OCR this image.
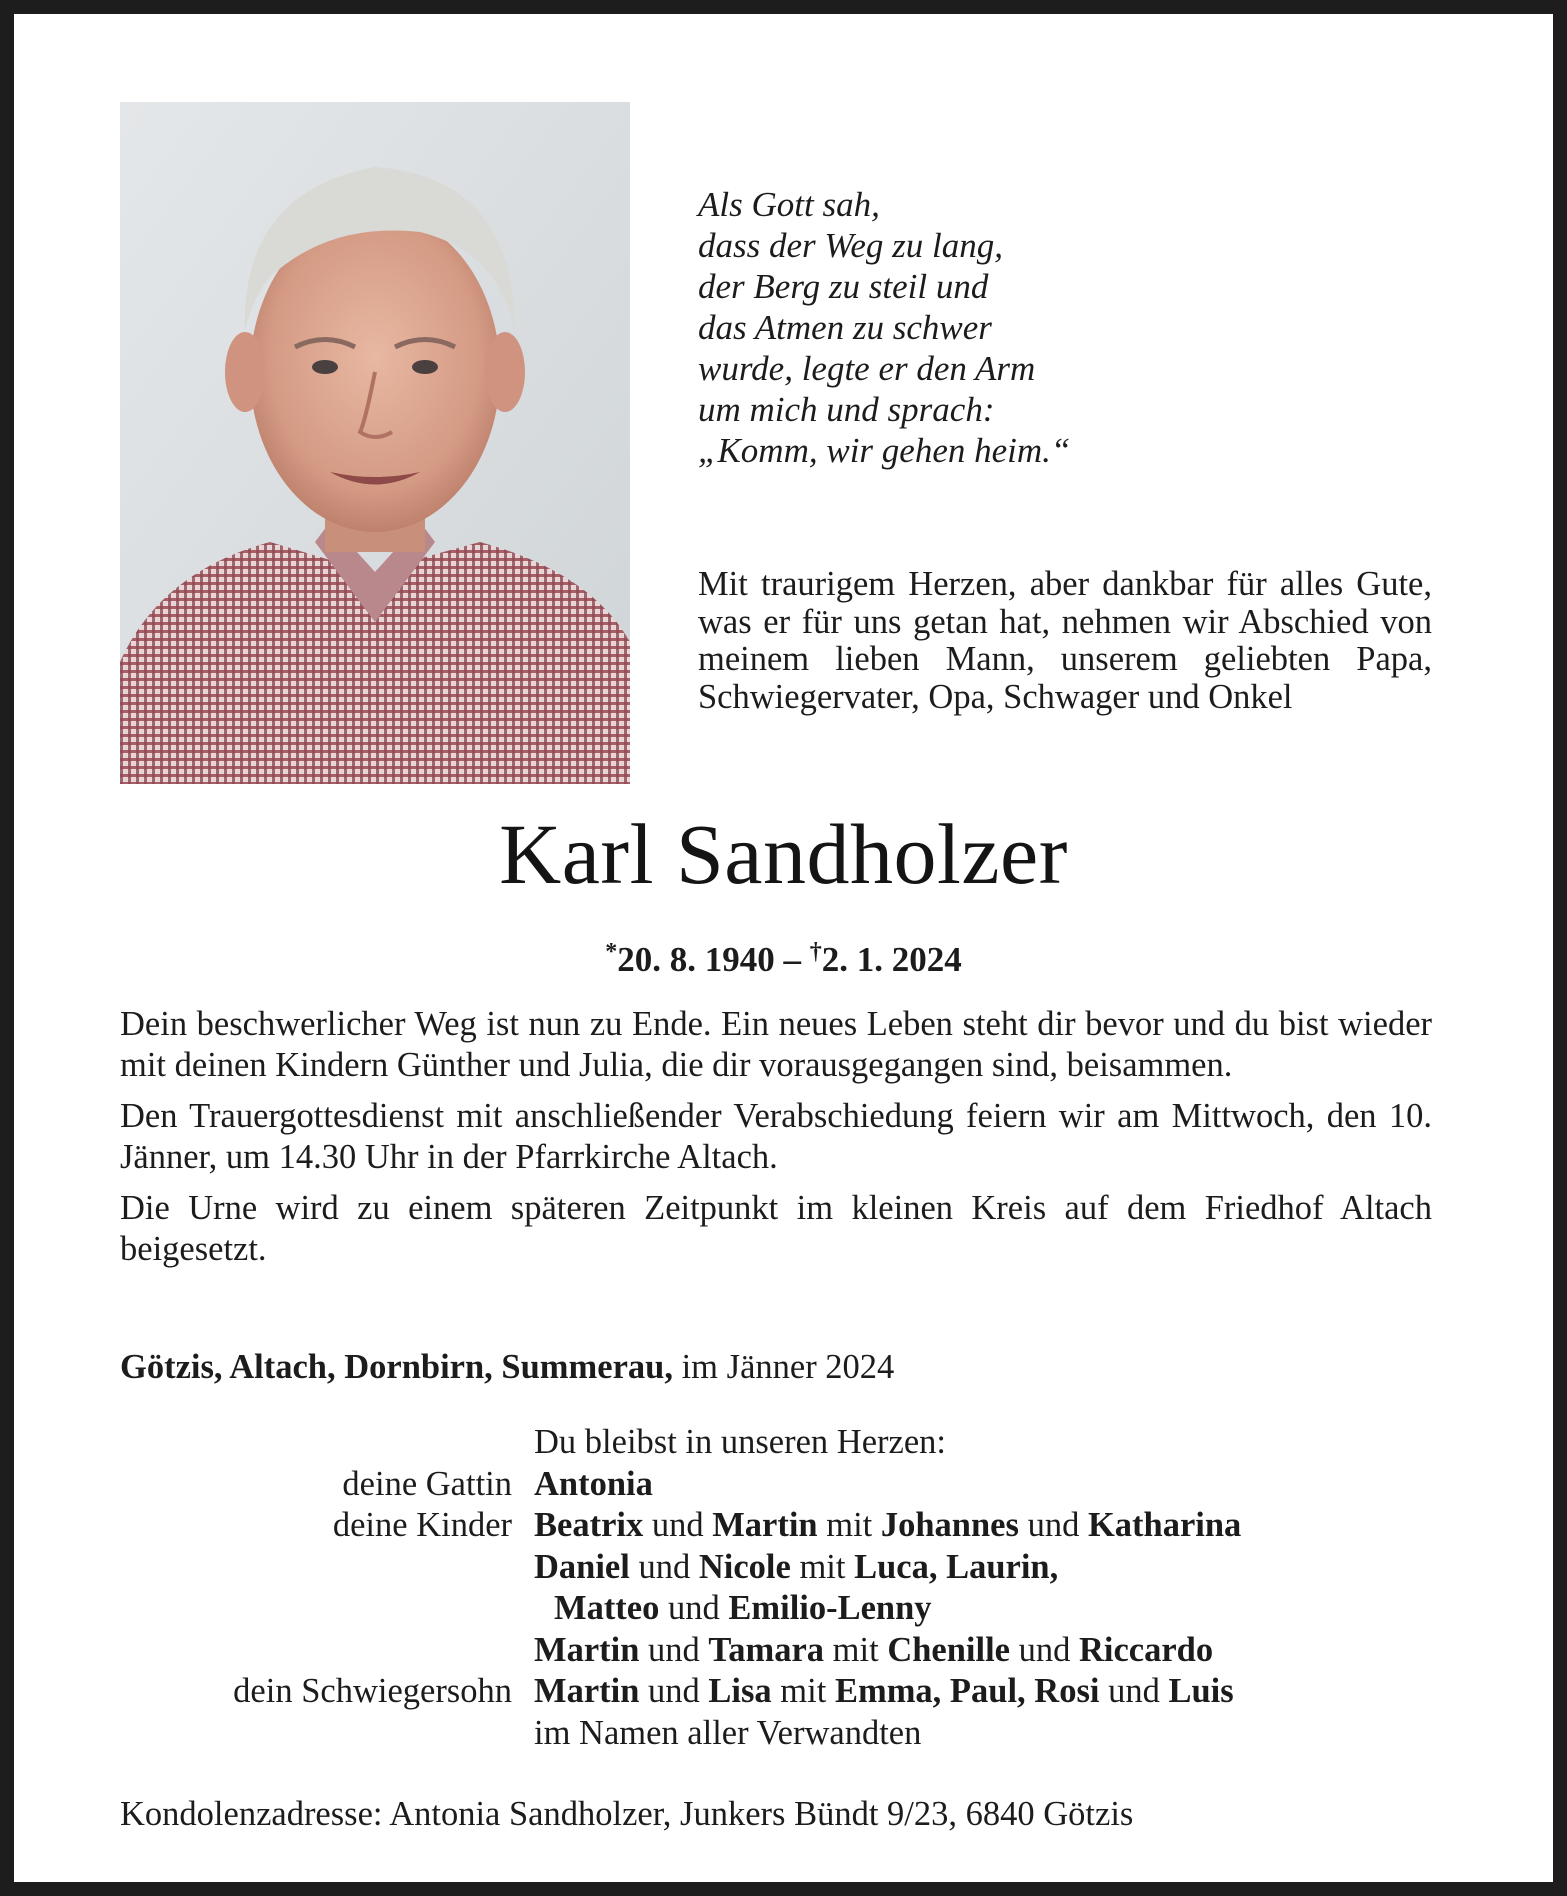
Als Gott sah,
dass der Weg zu lang,
der Berg zu steil und
das Atmen zu schwer
wurde, legte er den Arm
um mich und sprach:
„Komm, wir gehen heim.“
Mit traurigem Herzen, aber dankbar für alles Gute, was er für uns getan hat, nehmen wir Abschied von meinem lieben Mann, unserem geliebten Papa, Schwiegervater, Opa, Schwager und Onkel
Karl Sandholzer
*20. 8. 1940 – †2. 1. 2024

Dein beschwerlicher Weg ist nun zu Ende. Ein neues Leben steht dir bevor und du bist wieder mit deinen Kindern Günther und Julia, die dir vorausgegangen sind, beisammen.

Den Trauergottesdienst mit anschließender Verabschiedung feiern wir am Mittwoch, den 10. Jänner, um 14.30 Uhr in der Pfarrkirche Altach.

Die Urne wird zu einem späteren Zeitpunkt im kleinen Kreis auf dem Friedhof Altach beigesetzt.

Götzis, Altach, Dornbirn, Summerau, im Jänner 2024
Du bleibst in unseren Herzen:
deine Gattin Antonia
deine Kinder Beatrix und Martin mit Johannes und Katharina
Daniel und Nicole mit Luca, Laurin,
Matteo und Emilio-Lenny
Martin und Tamara mit Chenille und Riccardo
dein Schwiegersohn Martin und Lisa mit Emma, Paul, Rosi und Luis
im Namen aller Verwandten
Kondolenzadresse: Antonia Sandholzer, Junkers Bündt 9/23, 6840 Götzis
